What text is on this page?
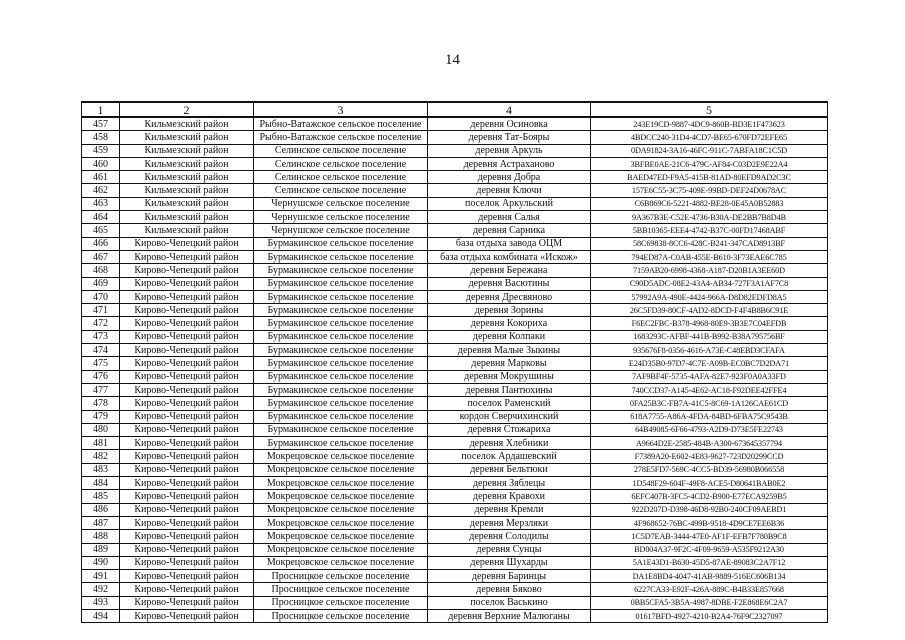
14
1	2	3	4	5
457	Кильмезский район	Рыбно-Ватажское сельское поселение	деревня Осиновка	243E19CD-9887-4DC9-860B-BD3E1F473623
458	Кильмезский район	Рыбно-Ватажское сельское поселение	деревня Тат-Бояры	4BDCC240-31D4-4CD7-BE65-670FD72EFE65
459	Кильмезский район	Селинское сельское поселение	деревня Аркуль	0DA91824-3A16-46FC-911C-7ABFA18C1C5D
460	Кильмезский район	Селинское сельское поселение	деревня Астраханово	3BFBE0AE-21C6-479C-AF84-C03D2E9E22A4
461	Кильмезский район	Селинское сельское поселение	деревня Добра	BAED47ED-F9A5-415B-81AD-80EFD9AD2C3C
462	Кильмезский район	Селинское сельское поселение	деревня Ключи	157E6C55-3C75-409E-99BD-DEF24D0678AC
463	Кильмезский район	Чернушское сельское поселение	поселок Аркульский	C6B869C6-5221-4882-BE28-0E45A0B52883
464	Кильмезский район	Чернушское сельское поселение	деревня Салья	9A367B3E-C52E-4736-B30A-DE2BB7B8D4B
465	Кильмезский район	Чернушское сельское поселение	деревня Сарника	5BB10365-EEE4-4742-B37C-00FD17468ABF
466	Кирово-Чепецкий район	Бурмакинское сельское поселение	база отдыха завода ОЦМ	58C69838-8CC6-428C-B241-347CAD8913BF
467	Кирово-Чепецкий район	Бурмакинское сельское поселение	база отдыха комбината «Искож»	794ED87A-C0AB-455E-B610-3F73EAE6C785
468	Кирово-Чепецкий район	Бурмакинское сельское поселение	деревня Бережана	7159AB20-6998-4368-A187-D20B1A3EE60D
469	Кирово-Чепецкий район	Бурмакинское сельское поселение	деревня Васютины	C90D5ADC-08E2-43A4-AB34-727F3A1AF7C8
470	Кирово-Чепецкий район	Бурмакинское сельское поселение	деревня Дресвяново	57992A9A-490E-4424-966A-D8D82EDFD8A5
471	Кирово-Чепецкий район	Бурмакинское сельское поселение	деревня Зорины	26C5FD39-80CF-4AD2-8DCD-F4F4B8B6C91E
472	Кирово-Чепецкий район	Бурмакинское сельское поселение	деревня Кокорихa	F6EC2FBC-B378-4968-80E9-3B3E7C04EFDB
473	Кирово-Чепецкий район	Бурмакинское сельское поселение	деревня Колпаки	1683293C-AFBF-441B-B992-B38A795756BF
474	Кирово-Чепецкий район	Бурмакинское сельское поселение	деревня Малые Зыкины	935676F8-0356-4616-A73E-C48EBD3CFAFA
475	Кирово-Чепецкий район	Бурмакинское сельское поселение	деревня Марковы	E24D35B0-97D7-4C7E-A09B-EC0BC7D2DA71
476	Кирово-Чепецкий район	Бурмакинское сельское поселение	деревня Мокрушины	7AF9BF4F-5735-4AFA-82E7-923F0A0A33FD
477	Кирово-Чепецкий район	Бурмакинское сельское поселение	деревня Пантюхины	740CCD37-A145-4E62-AC18-F92DEE42FFE4
478	Кирово-Чепецкий район	Бурмакинское сельское поселение	поселок Раменский	0FA25B3C-FB7A-41C5-8C69-1A126CAE61CD
479	Кирово-Чепецкий район	Бурмакинское сельское поселение	кордон Сверчихинский	618A7755-A86A-4FDA-84BD-6FBA75C9543B
480	Кирово-Чепецкий район	Бурмакинское сельское поселение	деревня Стожарихa	64B49085-6F66-4793-A2D9-D73E5FE22743
481	Кирово-Чепецкий район	Бурмакинское сельское поселение	деревня Хлебники	A9664D2E-2585-484B-A300-673645357794
482	Кирово-Чепецкий район	Мокрецовское сельское поселение	поселок Ардашевский	F7389A20-E602-4E83-9627-723D20299CCD
483	Кирово-Чепецкий район	Мокрецовское сельское поселение	деревня Бельтюки	278E5FD7-569C-4CC5-BD39-56980B066558
484	Кирово-Чепецкий район	Мокрецовское сельское поселение	деревня Зяблецы	1D548F29-604F-49F8-ACE5-D80641BAB0E2
485	Кирово-Чепецкий район	Мокрецовское сельское поселение	деревня Кравохи	6EFC407B-3FC5-4CD2-B900-E77ECA9259B5
486	Кирово-Чепецкий район	Мокрецовское сельское поселение	деревня Кремли	922D207D-D398-46D8-92B0-240CF09AEBD1
487	Кирово-Чепецкий район	Мокрецовское сельское поселение	деревня Мерзляки	4F968652-76BC-499B-9518-4D9CE7EE6B36
488	Кирово-Чепецкий район	Мокрецовское сельское поселение	деревня Солодилы	1C5D7EAB-3444-47E0-AF1F-EFB7F780B9C8
489	Кирово-Чепецкий район	Мокрецовское сельское поселение	деревня Сунцы	BD004A37-9F2C-4F09-9659-A535F9212A30
490	Кирово-Чепецкий район	Мокрецовское сельское поселение	деревня Шухарды	5A1E43D1-B630-45D5-87AE-89083C2A7F12
491	Кирово-Чепецкий район	Просницкое сельское поселение	деревня Баринцы	DA1E8BD4-4047-41AB-9889-516EC606B134
492	Кирово-Чепецкий район	Просницкое сельское поселение	деревня Бяково	6227CA33-E92F-426A-889C-B4B33E857668
493	Кирово-Чепецкий район	Просницкое сельское поселение	поселок Васькино	0BB5CFA5-3B5A-4987-8DBE-F2E868E6C2A7
494	Кирово-Чепецкий район	Просницкое сельское поселение	деревня Верхние Малюганы	01617BFD-4927-4210-B2A4-76F9C2327097
